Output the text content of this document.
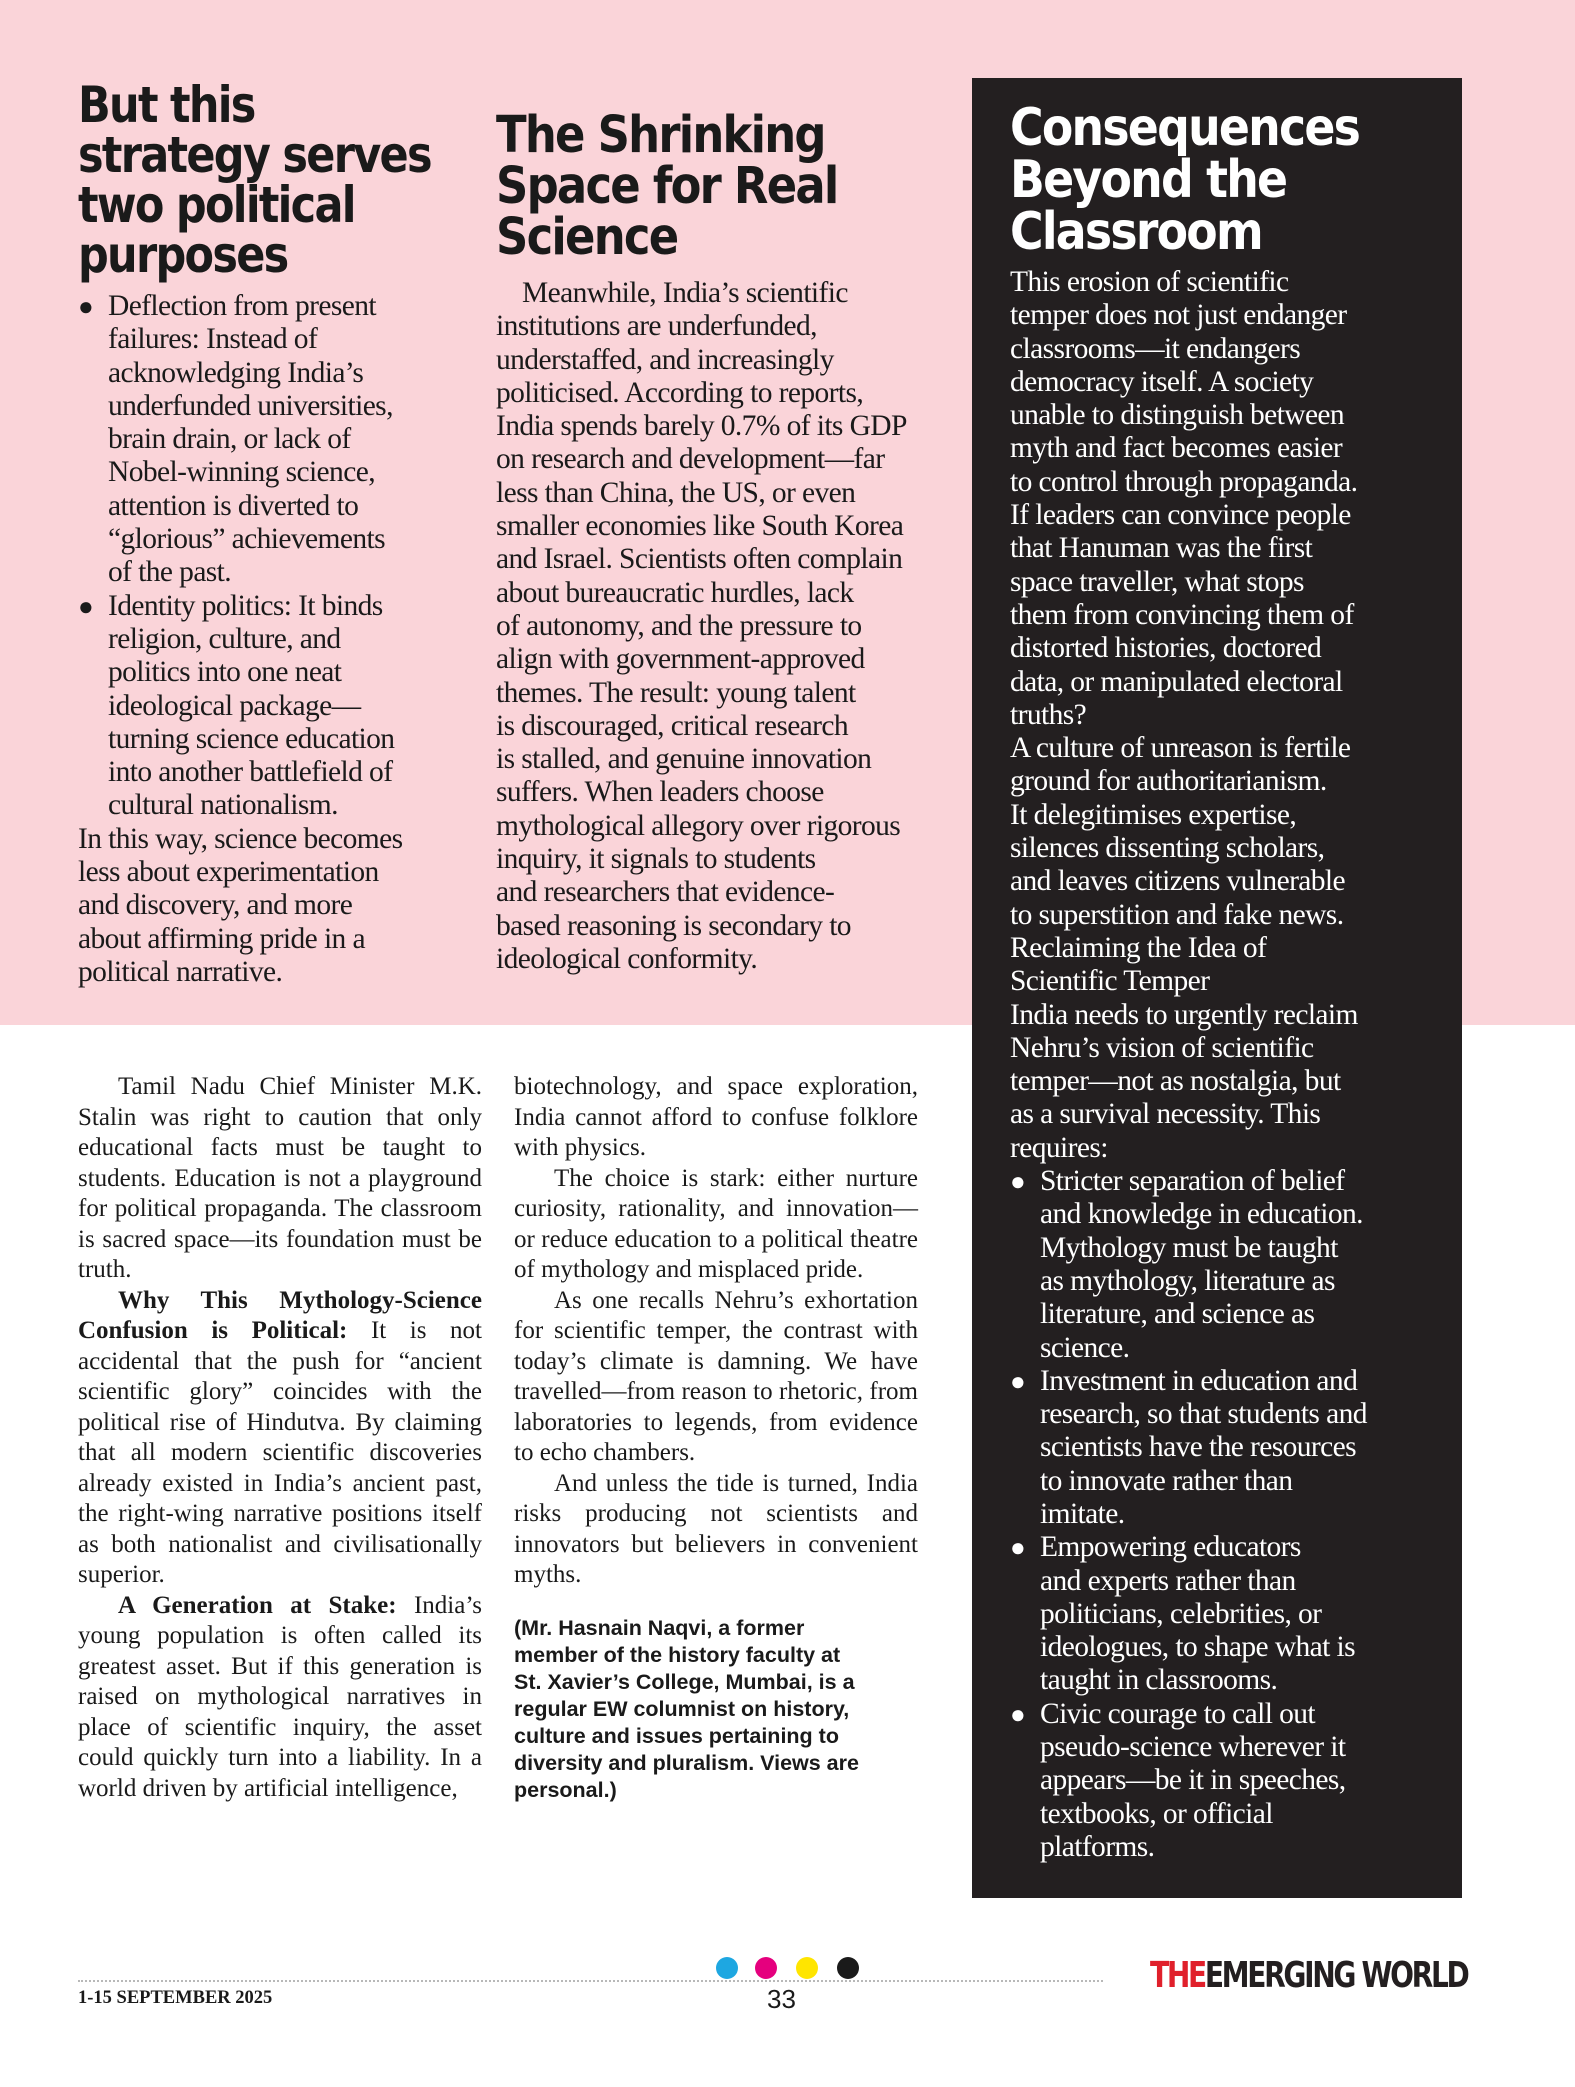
But this
strategy serves
two political
purposes
● Deflection from present
failures: Instead of
acknowledging India’s
underfunded universities,
brain drain, or lack of
Nobel-winning science,
attention is diverted to
“glorious” achievements
of the past.
● Identity politics: It binds
religion, culture, and
politics into one neat
ideological package—
turning science education
into another battlefield of
cultural nationalism.
In this way, science becomes
less about experimentation
and discovery, and more
about affirming pride in a
political narrative.
The Shrinking
Space for Real
Science
Meanwhile, India’s scientific
institutions are underfunded,
understaffed, and increasingly
politicised. According to reports,
India spends barely 0.7% of its GDP
on research and development—far
less than China, the US, or even
smaller economies like South Korea
and Israel. Scientists often complain
about bureaucratic hurdles, lack
of autonomy, and the pressure to
align with government-approved
themes. The result: young talent
is discouraged, critical research
is stalled, and genuine innovation
suffers. When leaders choose
mythological allegory over rigorous
inquiry, it signals to students
and researchers that evidence-
based reasoning is secondary to
ideological conformity.
Consequences
Beyond the
Classroom
This erosion of scientific
temper does not just endanger
classrooms—it endangers
democracy itself. A society
unable to distinguish between
myth and fact becomes easier
to control through propaganda.
If leaders can convince people
that Hanuman was the first
space traveller, what stops
them from convincing them of
distorted histories, doctored
data, or manipulated electoral
truths?
A culture of unreason is fertile
ground for authoritarianism.
It delegitimises expertise,
silences dissenting scholars,
and leaves citizens vulnerable
to superstition and fake news.
Reclaiming the Idea of
Scientific Temper
India needs to urgently reclaim
Nehru’s vision of scientific
temper—not as nostalgia, but
as a survival necessity. This
requires:
● Stricter separation of belief
and knowledge in education.
Mythology must be taught
as mythology, literature as
literature, and science as
science.
● Investment in education and
research, so that students and
scientists have the resources
to innovate rather than
imitate.
● Empowering educators
and experts rather than
politicians, celebrities, or
ideologues, to shape what is
taught in classrooms.
● Civic courage to call out
pseudo-science wherever it
appears—be it in speeches,
textbooks, or official
platforms.

Tamil Nadu Chief Minister M.K. Stalin was right to caution that only educational facts must be taught to students. Education is not a playground for political propaganda. The classroom is sacred space—its foundation must be truth.

Why This Mythology-Science Confusion is Political: It is not accidental that the push for “ancient scientific glory” coincides with the political rise of Hindutva. By claiming that all modern scientific discoveries already existed in India’s ancient past, the right-wing narrative positions itself as both nationalist and civilisationally superior.

A Generation at Stake: India’s young population is often called its greatest asset. But if this generation is raised on mythological narratives in place of scientific inquiry, the asset could quickly turn into a liability. In a world driven by artificial intelligence,

biotechnology, and space exploration, India cannot afford to confuse folklore with physics.

The choice is stark: either nurture curiosity, rationality, and innovation—or reduce education to a political theatre of mythology and misplaced pride.

As one recalls Nehru’s exhortation for scientific temper, the contrast with today’s climate is damning. We have travelled—from reason to rhetoric, from laboratories to legends, from evidence to echo chambers.

And unless the tide is turned, India risks producing not scientists and innovators but believers in convenient myths.

(Mr. Hasnain Naqvi, a former
member of the history faculty at
St. Xavier’s College, Mumbai, is a
regular EW columnist on history,
culture and issues pertaining to
diversity and pluralism. Views are
personal.)
1-15 SEPTEMBER 2025	33
THEEMERGING WORLD
